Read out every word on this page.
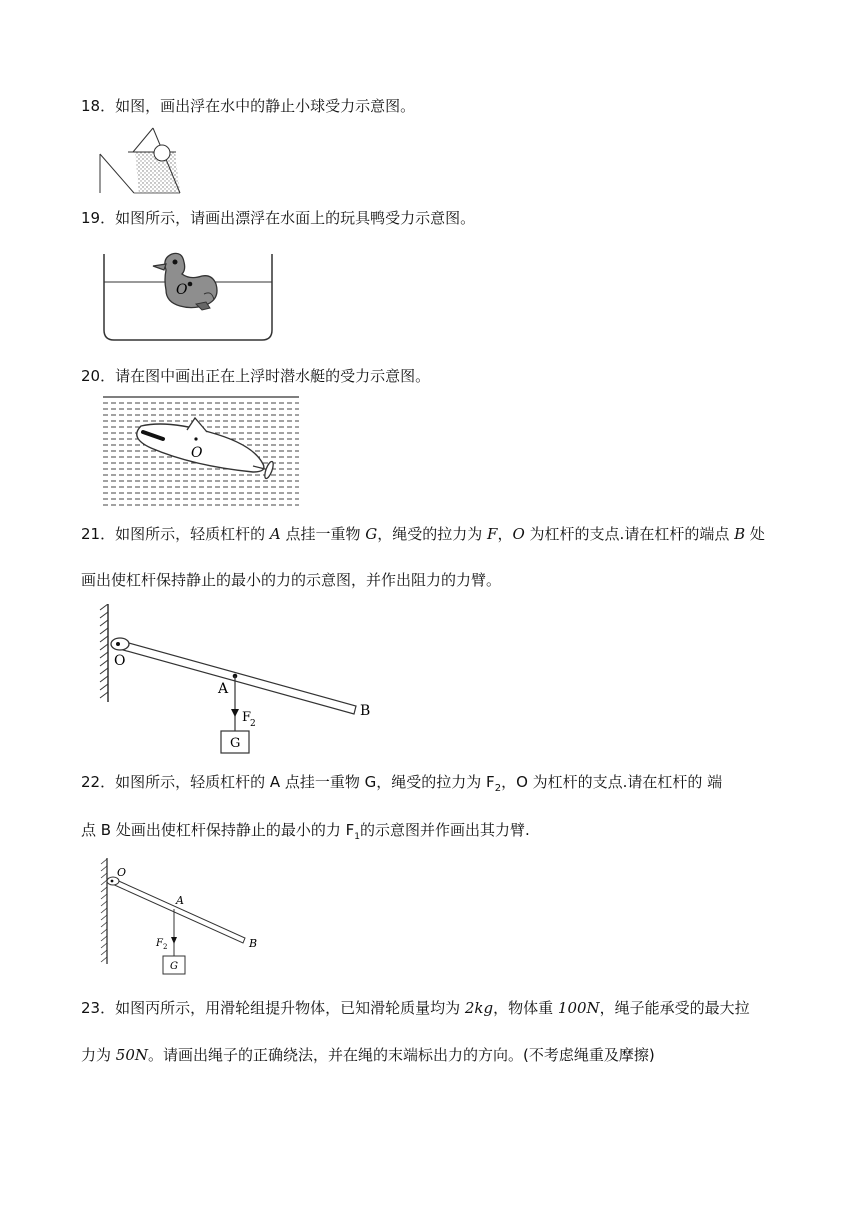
18．如图，画出浮在水中的静止小球受力示意图。
19．如图所示，请画出漂浮在水面上的玩具鸭受力示意图。
O
20．请在图中画出正在上浮时潜水艇的受力示意图。
O
21．如图所示，轻质杠杆的 A 点挂一重物 G，绳受的拉力为 F，O 为杠杆的支点.请在杠杆的端点 B 处
画出使杠杆保持静止的最小的力的示意图，并作出阻力的力臂。
O
A
F
2
G
B
22．如图所示，轻质杠杆的 A 点挂一重物 G，绳受的拉力为 $F_2$，O 为杠杆的支点.请在杠杆的 端
点 B 处画出使杠杆保持静止的最小的力 $F_1$的示意图并作画出其力臂.
O
A
F 2
G
B
23．如图丙所示，用滑轮组提升物体，已知滑轮质量均为 2kg，物体重 100N，绳子能承受的最大拉
力为 50N。请画出绳子的正确绕法，并在绳的末端标出力的方向。(不考虑绳重及摩擦)
